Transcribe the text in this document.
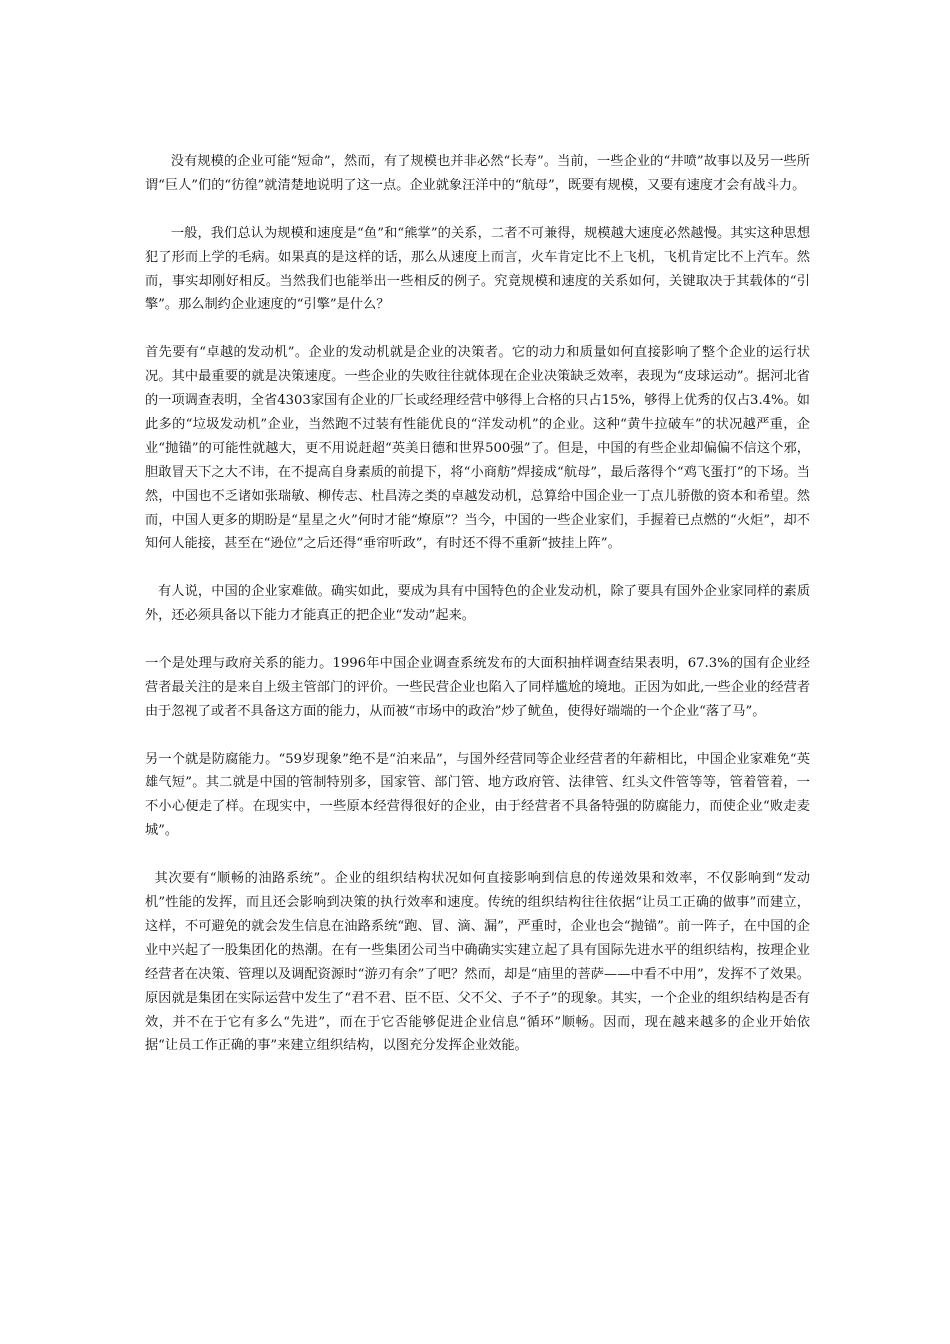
没有规模的企业可能“短命”，然而，有了规模也并非必然“长寿”。当前，一些企业的“井喷”故事以及另一些所谓“巨人”们的“彷徨”就清楚地说明了这一点。企业就象汪洋中的“航母”，既要有规模，又要有速度才会有战斗力。

一般，我们总认为规模和速度是“鱼”和“熊掌”的关系，二者不可兼得，规模越大速度必然越慢。其实这种思想犯了形而上学的毛病。如果真的是这样的话，那么从速度上而言，火车肯定比不上飞机，飞机肯定比不上汽车。然而，事实却刚好相反。当然我们也能举出一些相反的例子。究竟规模和速度的关系如何，关键取决于其载体的“引擎”。那么制约企业速度的“引擎”是什么？

首先要有“卓越的发动机”。企业的发动机就是企业的决策者。它的动力和质量如何直接影响了整个企业的运行状况。其中最重要的就是决策速度。一些企业的失败往往就体现在企业决策缺乏效率，表现为“皮球运动”。据河北省的一项调查表明，全省4303家国有企业的厂长或经理经营中够得上合格的只占15%，够得上优秀的仅占3.4%。如此多的“垃圾发动机”企业，当然跑不过装有性能优良的“洋发动机”的企业。这种“黄牛拉破车”的状况越严重，企业“抛锚”的可能性就越大，更不用说赶超“英美日德和世界500强”了。但是，中国的有些企业却偏偏不信这个邪，胆敢冒天下之大不讳，在不提高自身素质的前提下，将“小商舫”焊接成“航母”，最后落得个“鸡飞蛋打”的下场。当然，中国也不乏诸如张瑞敏、柳传志、杜昌涛之类的卓越发动机，总算给中国企业一丁点儿骄傲的资本和希望。然而，中国人更多的期盼是“星星之火”何时才能“燎原”？当今，中国的一些企业家们，手握着已点燃的“火炬”，却不知何人能接，甚至在“逊位”之后还得“垂帘听政”，有时还不得不重新“披挂上阵”。

有人说，中国的企业家难做。确实如此，要成为具有中国特色的企业发动机，除了要具有国外企业家同样的素质外，还必须具备以下能力才能真正的把企业“发动”起来。

一个是处理与政府关系的能力。1996年中国企业调查系统发布的大面积抽样调查结果表明，67.3%的国有企业经营者最关注的是来自上级主管部门的评价。一些民营企业也陷入了同样尴尬的境地。正因为如此,一些企业的经营者由于忽视了或者不具备这方面的能力，从而被“市场中的政治”炒了鱿鱼，使得好端端的一个企业“落了马”。

另一个就是防腐能力。“59岁现象”绝不是“泊来品”，与国外经营同等企业经营者的年薪相比，中国企业家难免“英雄气短”。其二就是中国的管制特别多，国家管、部门管、地方政府管、法律管、红头文件管等等，管着管着，一不小心便走了样。在现实中，一些原本经营得很好的企业，由于经营者不具备特强的防腐能力，而使企业“败走麦城”。

其次要有“顺畅的油路系统”。企业的组织结构状况如何直接影响到信息的传递效果和效率，不仅影响到“发动机”性能的发挥，而且还会影响到决策的执行效率和速度。传统的组织结构往往依据“让员工正确的做事”而建立，这样，不可避免的就会发生信息在油路系统“跑、冒、滴、漏”，严重时，企业也会“抛锚”。前一阵子，在中国的企业中兴起了一股集团化的热潮。在有一些集团公司当中确确实实建立起了具有国际先进水平的组织结构，按理企业经营者在决策、管理以及调配资源时“游刃有余”了吧？然而，却是“庙里的菩萨——中看不中用”，发挥不了效果。原因就是集团在实际运营中发生了“君不君、臣不臣、父不父、子不子”的现象。其实，一个企业的组织结构是否有效，并不在于它有多么“先进”，而在于它否能够促进企业信息“循环”顺畅。因而，现在越来越多的企业开始依据“让员工作正确的事”来建立组织结构，以图充分发挥企业效能。
